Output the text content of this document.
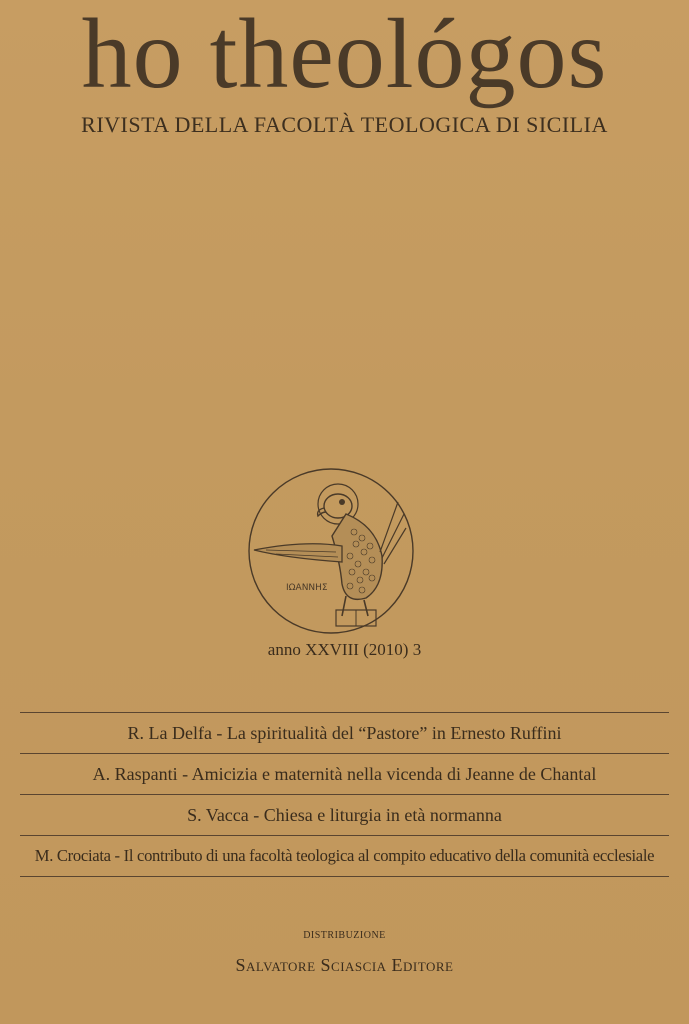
ho theológos
RIVISTA DELLA FACOLTÀ TEOLOGICA DI SICILIA
ΙΩΑΝΝΗΣ
anno XXVIII (2010) 3
R. La Delfa - La spiritualità del “Pastore” in Ernesto Ruffini
A. Raspanti - Amicizia e maternità nella vicenda di Jeanne de Chantal
S. Vacca - Chiesa e liturgia in età normanna
M. Crociata - Il contributo di una facoltà teologica al compito educativo della comunità ecclesiale
DISTRIBUZIONE
Salvatore Sciascia Editore
